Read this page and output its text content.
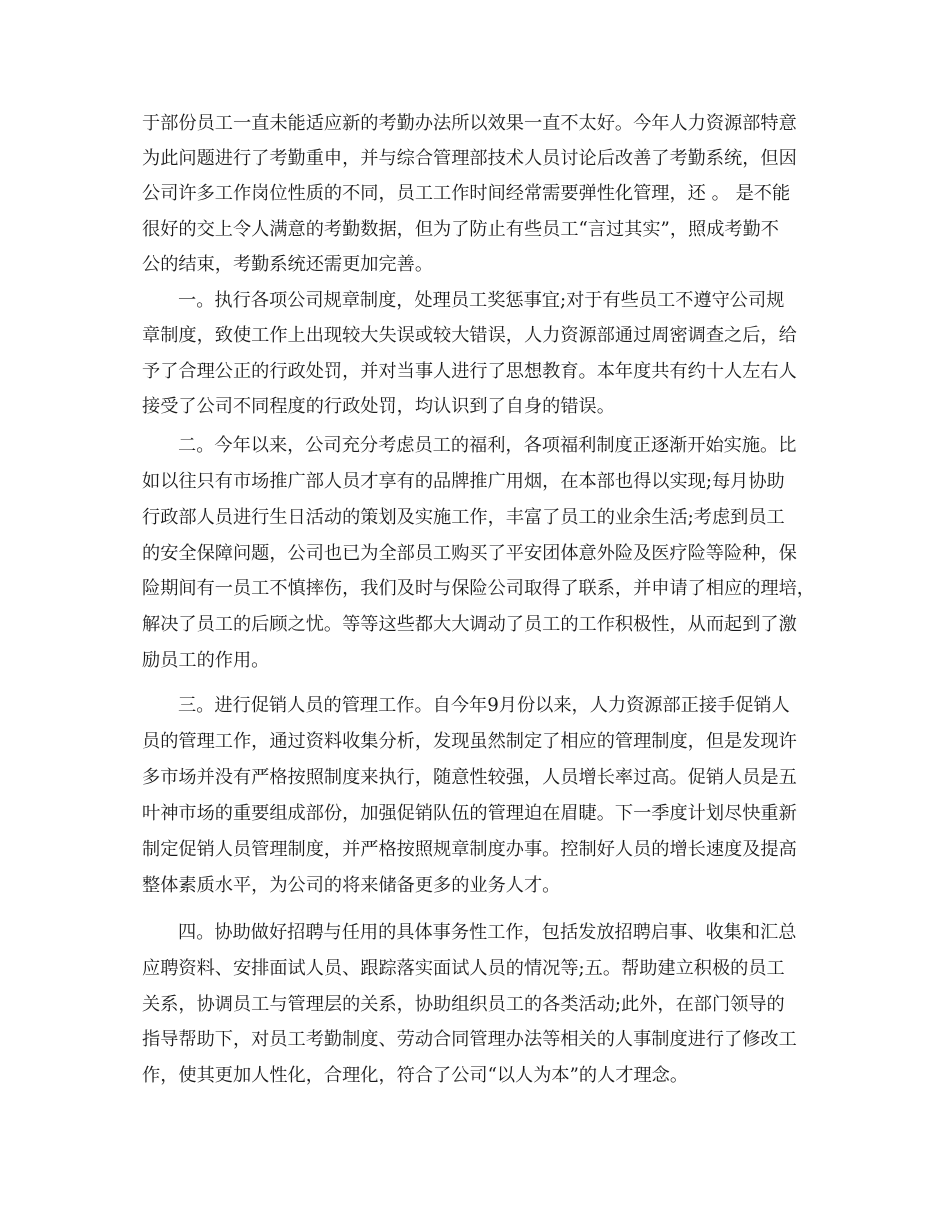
于部份员工一直未能适应新的考勤办法所以效果一直不太好。今年人力资源部特意
为此问题进行了考勤重申，并与综合管理部技术人员讨论后改善了考勤系统，但因
公司许多工作岗位性质的不同，员工工作时间经常需要弹性化管理，还 。 是不能
很好的交上令人满意的考勤数据，但为了防止有些员工“言过其实”，照成考勤不
公的结束，考勤系统还需更加完善。
一。执行各项公司规章制度，处理员工奖惩事宜;对于有些员工不遵守公司规
章制度，致使工作上出现较大失误或较大错误，人力资源部通过周密调查之后，给
予了合理公正的行政处罚，并对当事人进行了思想教育。本年度共有约十人左右人
接受了公司不同程度的行政处罚，均认识到了自身的错误。
二。今年以来，公司充分考虑员工的福利，各项福利制度正逐渐开始实施。比
如以往只有市场推广部人员才享有的品牌推广用烟，在本部也得以实现;每月协助
行政部人员进行生日活动的策划及实施工作，丰富了员工的业余生活;考虑到员工
的安全保障问题，公司也已为全部员工购买了平安团体意外险及医疗险等险种，保
险期间有一员工不慎摔伤，我们及时与保险公司取得了联系，并申请了相应的理培，
解决了员工的后顾之忧。等等这些都大大调动了员工的工作积极性，从而起到了激
励员工的作用。
三。进行促销人员的管理工作。自今年9月份以来，人力资源部正接手促销人
员的管理工作，通过资料收集分析，发现虽然制定了相应的管理制度，但是发现许
多市场并没有严格按照制度来执行，随意性较强，人员增长率过高。促销人员是五
叶神市场的重要组成部份，加强促销队伍的管理迫在眉睫。下一季度计划尽快重新
制定促销人员管理制度，并严格按照规章制度办事。控制好人员的增长速度及提高
整体素质水平，为公司的将来储备更多的业务人才。
四。协助做好招聘与任用的具体事务性工作，包括发放招聘启事、收集和汇总
应聘资料、安排面试人员、跟踪落实面试人员的情况等;五。帮助建立积极的员工
关系，协调员工与管理层的关系，协助组织员工的各类活动;此外，在部门领导的
指导帮助下，对员工考勤制度、劳动合同管理办法等相关的人事制度进行了修改工
作，使其更加人性化，合理化，符合了公司“以人为本”的人才理念。
